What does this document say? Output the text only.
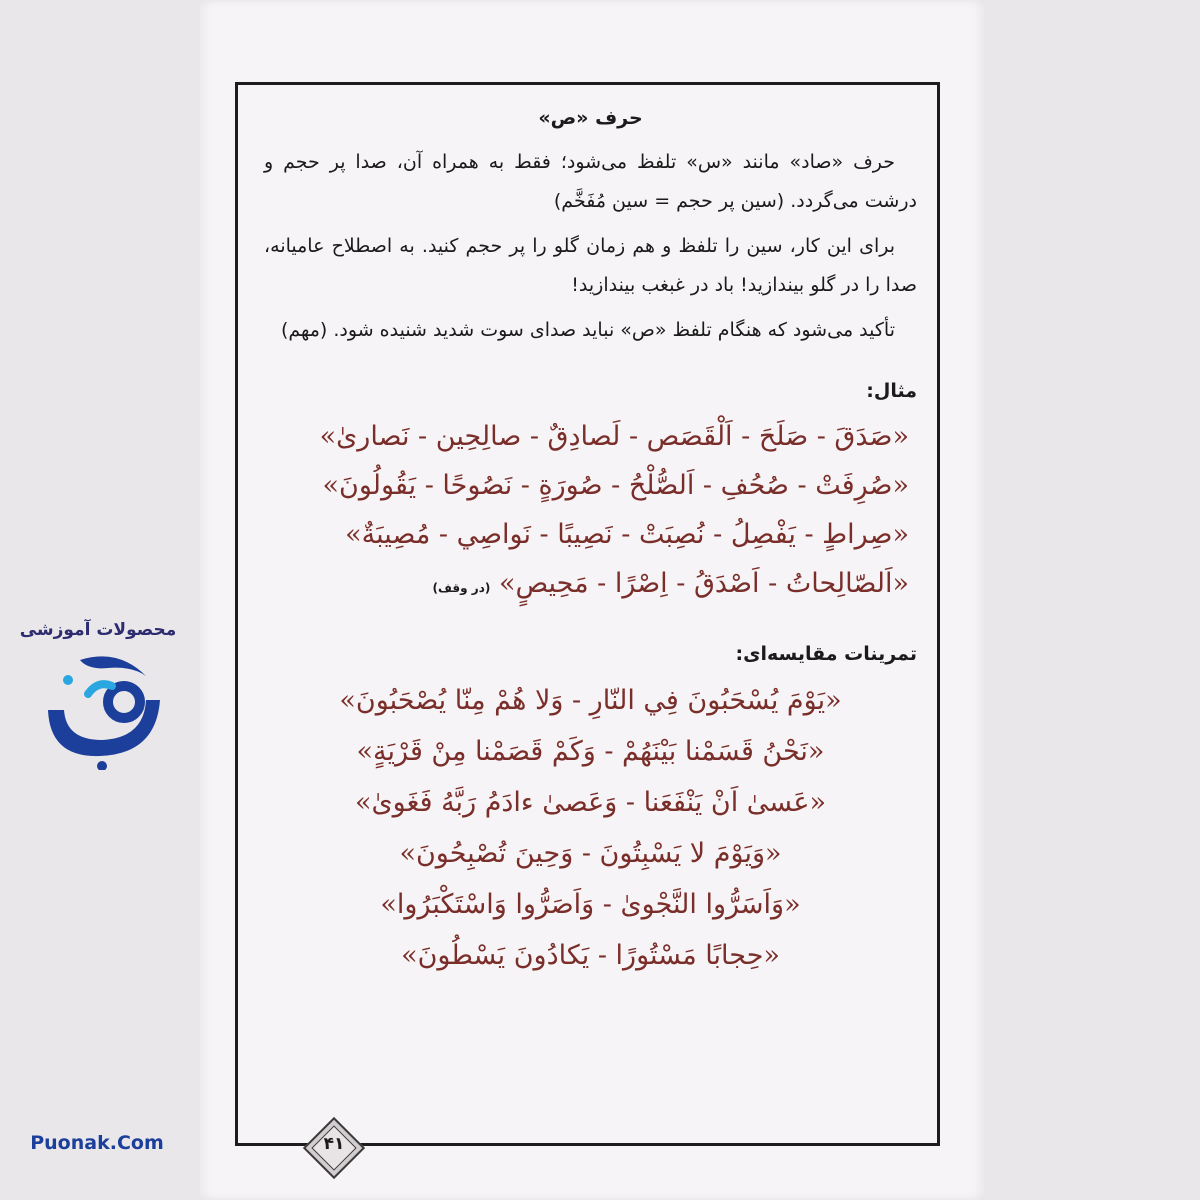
حرف «ص»

حرف «صاد» مانند «س» تلفظ می‌شود؛ فقط به همراه آن، صدا پر حجم و درشت می‌گردد. (سین پر حجم = سین مُفَخَّم)

برای این کار، سین را تلفظ و هم زمان گلو را پر حجم کنید. به اصطلاح عامیانه، صدا را در گلو بیندازید! باد در غبغب بیندازید!

تأکید می‌شود که هنگام تلفظ «ص» نباید صدای سوت شدید شنیده شود. (مهم)

مثال:
«صَدَقَ - صَلَحَ - اَلْقَصَص - لَصادِقٌ - صالِحِين - نَصارىٰ»
«صُرِفَتْ - صُحُفِ - اَلصُّلْحُ - صُورَةٍ - نَصُوحًا - يَقُولُونَ»
«صِراطٍ - يَفْصِلُ - نُصِبَتْ - نَصِيبًا - نَواصِي - مُصِيبَةٌ»
«اَلصّالِحاتُ - اَصْدَقُ - اِصْرًا - مَحِيصٍ» (در وقف)
تمرینات مقایسه‌ای:
«يَوْمَ يُسْحَبُونَ فِي النّارِ - وَلا هُمْ مِنّا يُصْحَبُونَ»
«نَحْنُ قَسَمْنا بَيْنَهُمْ - وَكَمْ قَصَمْنا مِنْ قَرْيَةٍ»
«عَسىٰ اَنْ يَنْفَعَنا - وَعَصىٰ ءادَمُ رَبَّهُ فَغَوىٰ»
«وَيَوْمَ لا يَسْبِتُونَ - وَحِينَ تُصْبِحُونَ»
«وَاَسَرُّوا النَّجْوىٰ - وَاَصَرُّوا وَاسْتَكْبَرُوا»
«حِجابًا مَسْتُورًا - يَكادُونَ يَسْطُونَ»
۴۱
محصولات آموزشی
Puonak.Com
